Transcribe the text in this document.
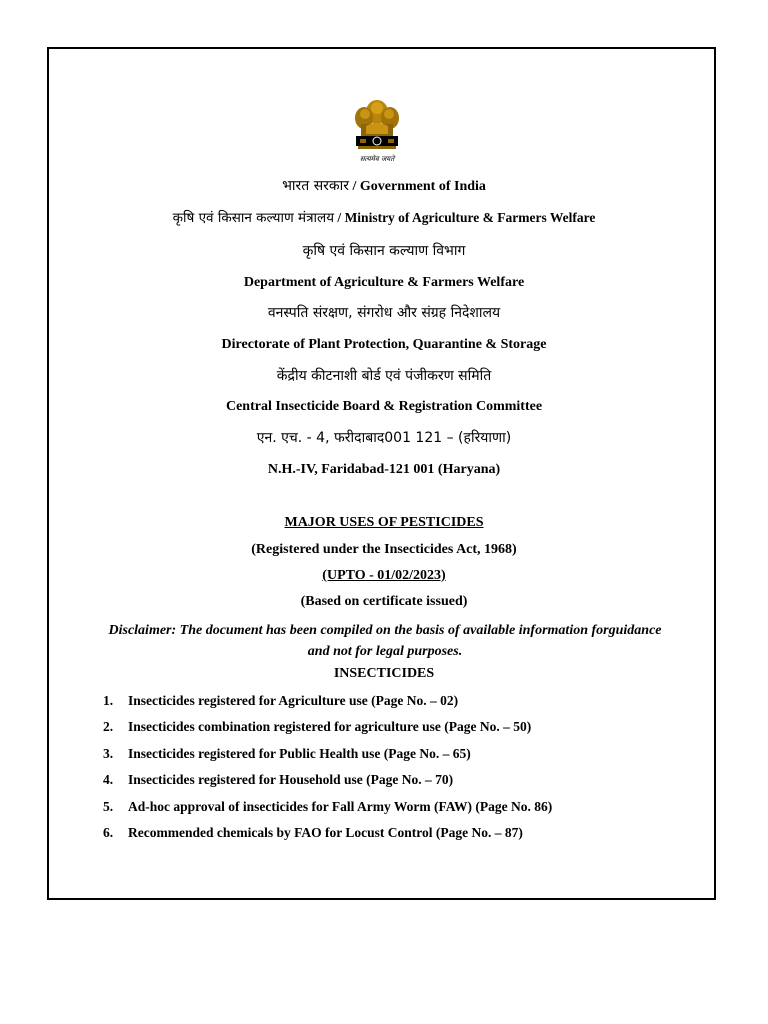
सत्यमेव जयते
भारत सरकार / Government of India
कृषि एवं किसान कल्याण मंत्रालय / Ministry of Agriculture & Farmers Welfare
कृषि एवं किसान कल्याण विभाग
Department of Agriculture & Farmers Welfare
वनस्पति संरक्षण, संगरोध और संग्रह निदेशालय
Directorate of Plant Protection, Quarantine & Storage
केंद्रीय कीटनाशी बोर्ड एवं पंजीकरण समिति
Central Insecticide Board & Registration Committee
एन. एच. - 4, फरीदाबाद001 121 – (हरियाणा)
N.H.-IV, Faridabad-121 001 (Haryana)
MAJOR USES OF PESTICIDES
(Registered under the Insecticides Act, 1968)
(UPTO - 01/02/2023)
(Based on certificate issued)
Disclaimer: The document has been compiled on the basis of available information forguidance
and not for legal purposes.
INSECTICIDES
1. Insecticides registered for Agriculture use (Page No. – 02)
2. Insecticides combination registered for agriculture use (Page No. – 50)
3. Insecticides registered for Public Health use (Page No. – 65)
4. Insecticides registered for Household use (Page No. – 70)
5. Ad-hoc approval of insecticides for Fall Army Worm (FAW) (Page No. 86)
6. Recommended chemicals by FAO for Locust Control (Page No. – 87)
